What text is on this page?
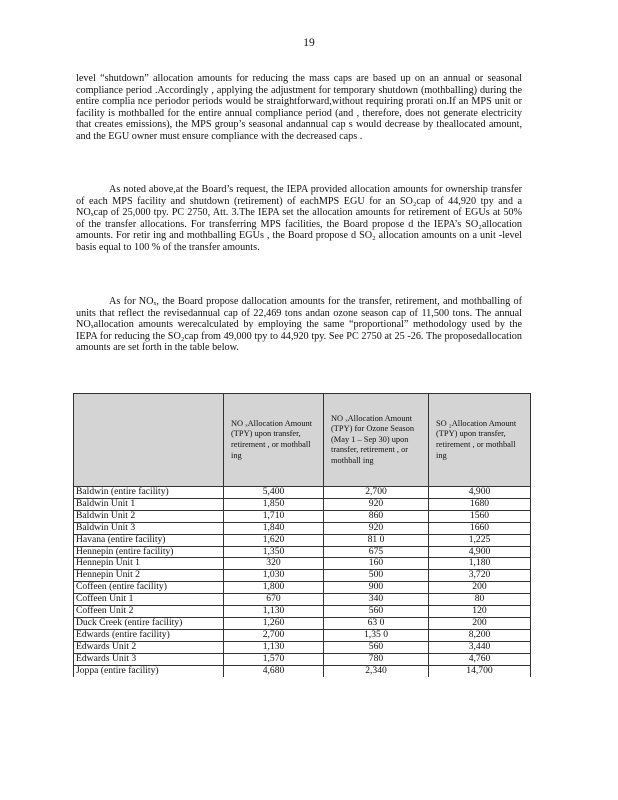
19

level “shutdown” allocation amounts for reducing the mass caps are based up on an annual or seasonal compliance period .Accordingly , applying the adjustment for temporary shutdown (mothballing) during the entire complia nce periodor periods would be straightforward,without requiring prorati on.If an MPS unit or facility is mothballed for the entire annual compliance period (and , therefore, does not generate electricity that creates emissions), the MPS group’s seasonal andannual cap s would decrease by theallocated amount, and the EGU owner must ensure compliance with the decreased caps .

As noted above,at the Board’s request, the IEPA provided allocation amounts for ownership transfer of each MPS facility and shutdown (retirement) of eachMPS EGU for an SO₂cap of 44,920 tpy and a NOₓcap of 25,000 tpy. PC 2750, Att. 3.The IEPA set the allocation amounts for retirement of EGUs at 50% of the transfer allocations. For transferring MPS facilities, the Board propose d the IEPA’s SO₂allocation amounts. For retir ing and mothballing EGUs , the Board propose d SO₂ allocation amounts on a unit -level basis equal to 100 % of the transfer amounts.

As for NOₓ, the Board propose dallocation amounts for the transfer, retirement, and mothballing of units that reflect the revisedannual cap of 22,469 tons andan ozone season cap of 11,500 tons. The annual NOₓallocation amounts werecalculated by employing the same “proportional” methodology used by the IEPA for reducing the SO₂cap from 49,000 tpy to 44,920 tpy. See PC 2750 at 25 -26. The proposedallocation amounts are set forth in the table below.

	NO ₓAllocation Amount (TPY) upon transfer, retirement , or mothball ing	NO ₓAllocation Amount (TPY) for Ozone Season (May 1 – Sep 30) upon transfer, retirement , or mothball ing	SO ₂Allocation Amount (TPY) upon transfer, retirement , or mothball ing

Baldwin (entire facility)	5,400	2,700	4,900
Baldwin Unit 1	1,850	920	1680
Baldwin Unit 2	1,710	860	1560
Baldwin Unit 3	1,840	920	1660
Havana (entire facility)	1,620	81 0	1,225
Hennepin (entire facility)	1,350	675	4,900
Hennepin Unit 1	320	160	1,180
Hennepin Unit 2	1,030	500	3,720
Coffeen (entire facility)	1,800	900	200
Coffeen Unit 1	670	340	80
Coffeen Unit 2	1,130	560	120
Duck Creek (entire facility)	1,260	63 0	200
Edwards (entire facility)	2,700	1,35 0	8,200
Edwards Unit 2	1,130	560	3,440
Edwards Unit 3	1,570	780	4,760
Joppa (entire facility)	4,680	2,340	14,700
